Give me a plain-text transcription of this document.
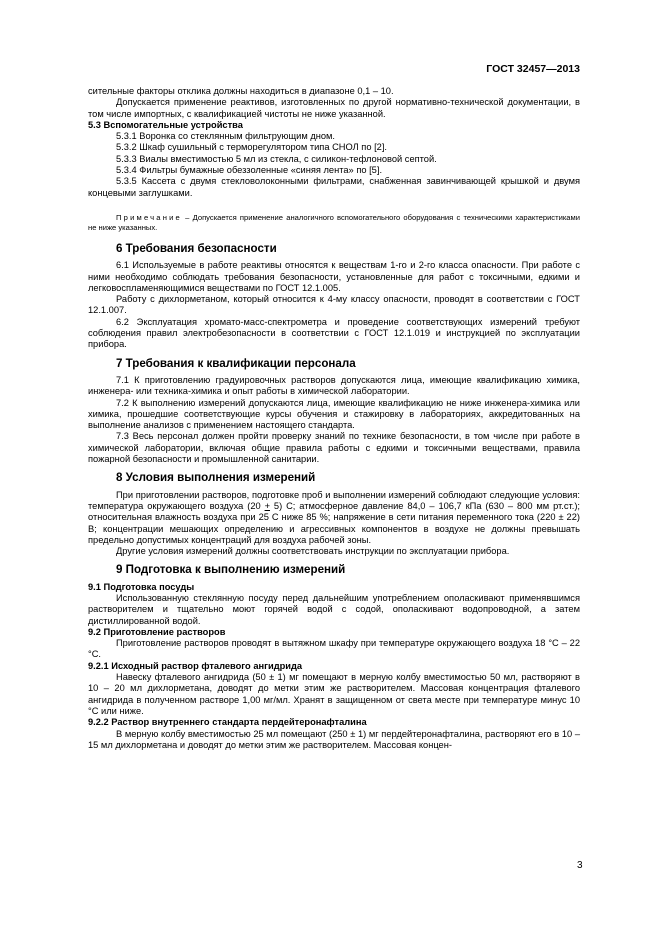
ГОСТ 32457—2013

сительные факторы отклика должны находиться в диапазоне 0,1 – 10.

Допускается применение реактивов, изготовленных по другой нормативно-технической документации, в том числе импортных, с квалификацией чистоты не ниже указанной.

5.3 Вспомогательные устройства

5.3.1 Воронка со стеклянным фильтрующим дном.

5.3.2 Шкаф сушильный с терморегулятором типа СНОЛ по [2].

5.3.3 Виалы вместимостью 5 мл из стекла, с силикон-тефлоновой септой.

5.3.4 Фильтры бумажные обеззоленные «синяя лента» по [5].

5.3.5 Кассета с двумя стекловолоконными фильтрами, снабженная завинчивающей крышкой и двумя концевыми заглушками.

Примечание – Допускается применение аналогичного вспомогательного оборудования с техническими характеристиками не ниже указанных.

6 Требования безопасности

6.1 Используемые в работе реактивы относятся к веществам 1-го и 2-го класса опасности. При работе с ними необходимо соблюдать требования безопасности, установленные для работ с токсичными, едкими и легковоспламеняющимися веществами по ГОСТ 12.1.005.

Работу с дихлорметаном, который относится к 4-му классу опасности, проводят в соответствии с ГОСТ 12.1.007.

6.2 Эксплуатация хромато-масс-спектрометра и проведение соответствующих измерений требуют соблюдения правил электробезопасности в соответствии с ГОСТ 12.1.019 и инструкцией по эксплуатации прибора.

7 Требования к квалификации персонала

7.1 К приготовлению градуировочных растворов допускаются лица, имеющие квалификацию химика, инженера- или техника-химика и опыт работы в химической лаборатории.

7.2 К выполнению измерений допускаются лица, имеющие квалификацию не ниже инженера-химика или химика, прошедшие соответствующие курсы обучения и стажировку в лабораториях, аккредитованных на выполнение анализов с применением настоящего стандарта.

7.3 Весь персонал должен пройти проверку знаний по технике безопасности, в том числе при работе в химической лаборатории, включая общие правила работы с едкими и токсичными веществами, правила пожарной безопасности и промышленной санитарии.

8 Условия выполнения измерений

При приготовлении растворов, подготовке проб и выполнении измерений соблюдают следующие условия: температура окружающего воздуха (20 + 5) С; атмосферное давление 84,0 – 106,7 кПа (630 – 800 мм рт.ст.); относительная влажность воздуха при 25 С ниже 85 %; напряжение в сети питания переменного тока (220 ± 22) В; концентрации мешающих определению и агрессивных компонентов в воздухе не должны превышать предельно допустимых концентраций для воздуха рабочей зоны.

Другие условия измерений должны соответствовать инструкции по эксплуатации прибора.

9 Подготовка к выполнению измерений

9.1 Подготовка посуды

Использованную стеклянную посуду перед дальнейшим употреблением ополаскивают применявшимся растворителем и тщательно моют горячей водой с содой, ополаскивают водопроводной, а затем дистиллированной водой.

9.2 Приготовление растворов

Приготовление растворов проводят в вытяжном шкафу при температуре окружающего воздуха 18 °С – 22 °С.

9.2.1 Исходный раствор фталевого ангидрида

Навеску фталевого ангидрида (50 ± 1) мг помещают в мерную колбу вместимостью 50 мл, растворяют в 10 – 20 мл дихлорметана, доводят до метки этим же растворителем. Массовая концентрация фталевого ангидрида в полученном растворе 1,00 мг/мл. Хранят в защищенном от света месте при температуре минус 10 °С или ниже.

9.2.2 Раствор внутреннего стандарта пердейтеронафталина

В мерную колбу вместимостью 25 мл помещают (250 ± 1) мг пердейтеронафталина, растворяют его в 10 – 15 мл дихлорметана и доводят до метки этим же растворителем. Массовая концен-

3
